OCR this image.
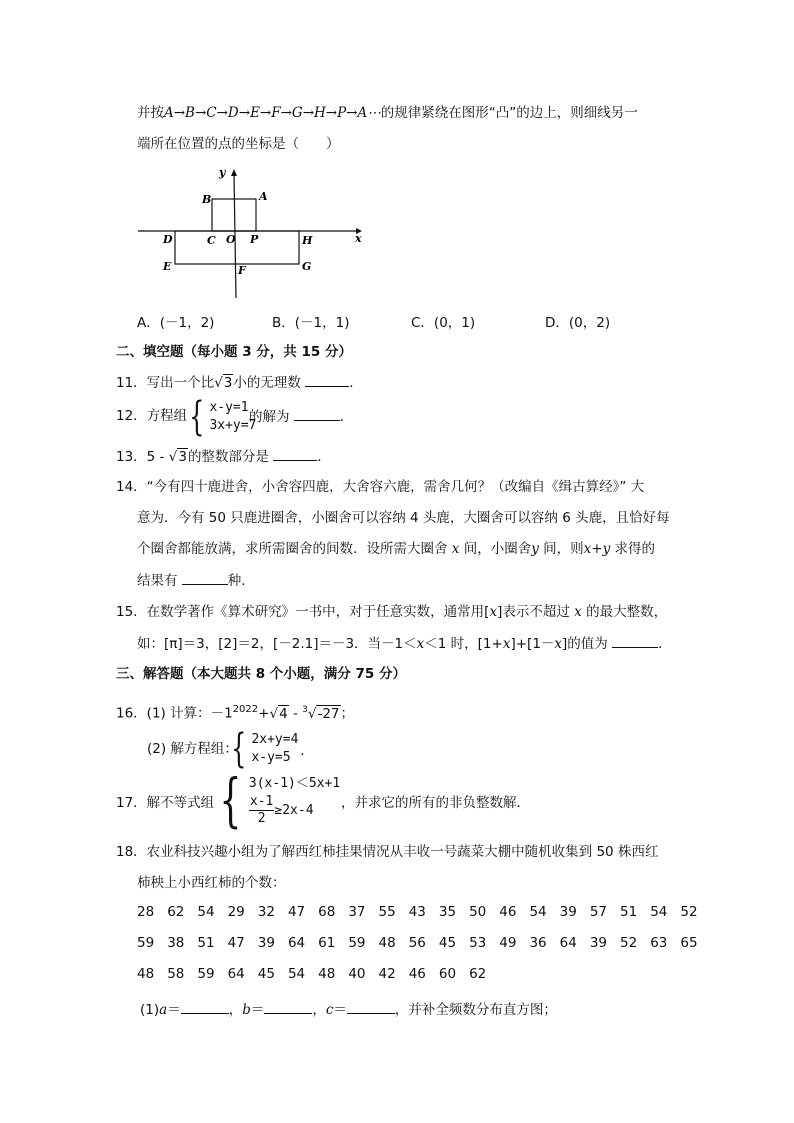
并按A→B→C→D→E→F→G→H→P→A⋯的规律紧绕在图形“凸”的边上，则细线另一
端所在位置的点的坐标是（　　）
y
x
A
B
C O P
D	H
E	F	G
A．(－1，2)	B．(－1，1)	C．(0，1)	D．(0，2)
二、填空题（每小题 3 分，共 15 分）
11．写出一个比√3小的无理数	．
12．方程组 { x-y=1
3x+y=7
的解为	．
13．5 - √3的整数部分是	．
14．“今有四十鹿进舍，小舍容四鹿，大舍容六鹿，需舍几何？（改编自《缉古算经》” 大
意为．今有 50 只鹿进圈舍，小圈舍可以容纳 4 头鹿，大圈舍可以容纳 6 头鹿，且恰好每
个圈舍都能放满，求所需圈舍的间数．设所需大圈舍 x 间，小圈舍y 间，则x+y 求得的
结果有	种．
15．在数学著作《算术研究》一书中，对于任意实数，通常用[x]表示不超过 x 的最大整数，
如：[π]＝3，[2]＝2，[－2.1]＝－3．当－1＜x＜1 时，[1+x]+[1－x]的值为	．
三、解答题（本大题共 8 个小题，满分 75 分）
16．(1) 计算：$-1^{2022}+√4 - ^3√-27$；
(2) 解方程组：
{ 2x+y=4
x-y=5 ．
17．解不等式组 { 3(x-1)＜5x+1
$\frac{x-1}{2} \ge 2x-4$	，并求它的所有的非负整数解．
18．农业科技兴趣小组为了解西红柿挂果情况从丰收一号蔬菜大棚中随机收集到 50 株西红
柿秧上小西红柿的个数：
28 62 54 29 32 47 68 37 55 43 35 50 46 54 39 57 51 54 52
59 38 51 47 39 64 61 59 48 56 45 53 49 36 64 39 52 63 65
48 58 59 64 45 54 48 40 42 46 60 62
(1)a＝	，b＝	，c＝	，并补全频数分布直方图；
